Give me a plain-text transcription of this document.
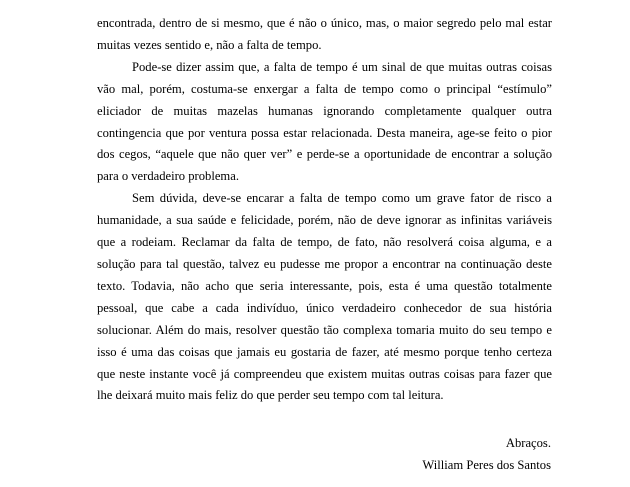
encontrada, dentro de si mesmo, que é não o único, mas, o maior segredo pelo mal estar muitas vezes sentido e, não a falta de tempo.

Pode-se dizer assim que, a falta de tempo é um sinal de que muitas outras coisas vão mal, porém, costuma-se enxergar a falta de tempo como o principal “estímulo” eliciador de muitas mazelas humanas ignorando completamente qualquer outra contingencia que por ventura possa estar relacionada. Desta maneira, age-se feito o pior dos cegos, “aquele que não quer ver” e perde-se a oportunidade de encontrar a solução para o verdadeiro problema.

Sem dúvida, deve-se encarar a falta de tempo como um grave fator de risco a humanidade, a sua saúde e felicidade, porém, não de deve ignorar as infinitas variáveis que a rodeiam. Reclamar da falta de tempo, de fato, não resolverá coisa alguma, e a solução para tal questão, talvez eu pudesse me propor a encontrar na continuação deste texto. Todavia, não acho que seria interessante, pois, esta é uma questão totalmente pessoal, que cabe a cada indivíduo, único verdadeiro conhecedor de sua história solucionar. Além do mais, resolver questão tão complexa tomaria muito do seu tempo e isso é uma das coisas que jamais eu gostaria de fazer, até mesmo porque tenho certeza que neste instante você já compreendeu que existem muitas outras coisas para fazer que lhe deixará muito mais feliz do que perder seu tempo com tal leitura.

Abraços.
William Peres dos Santos
